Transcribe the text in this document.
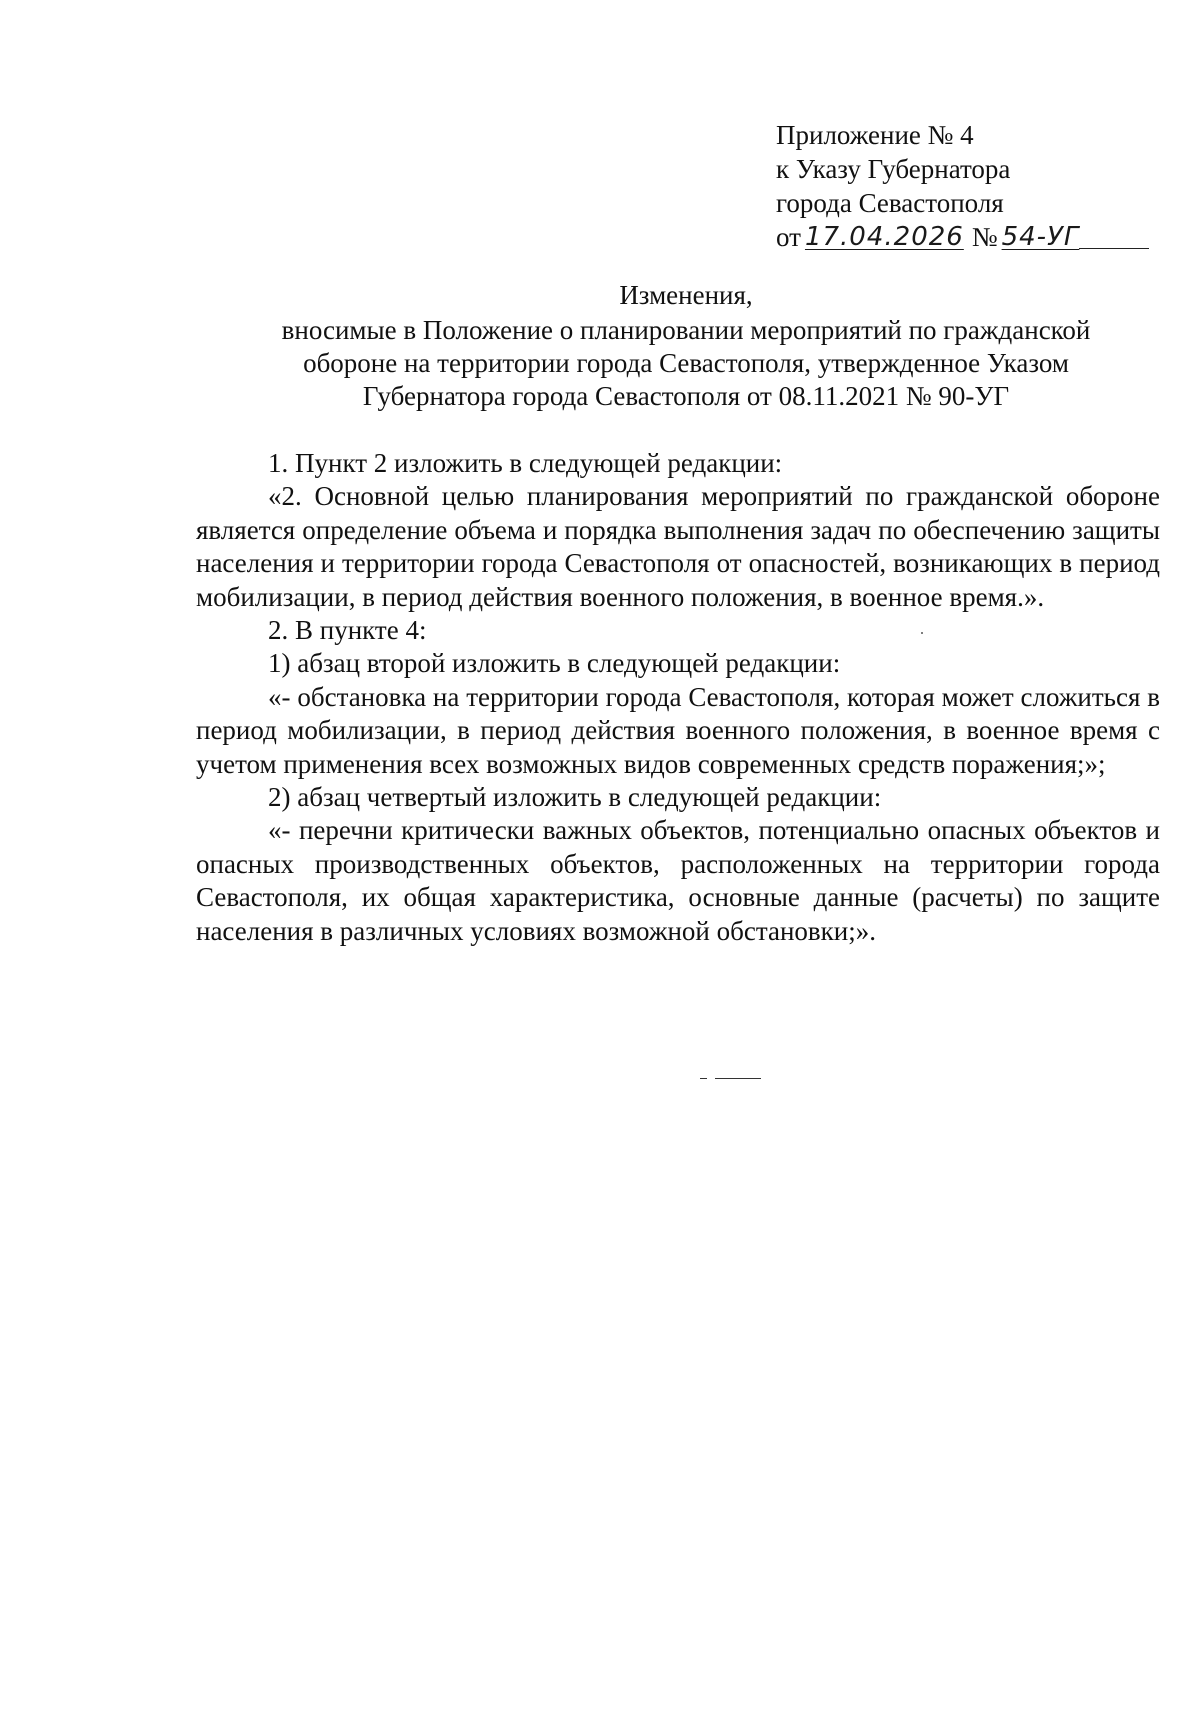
Приложение № 4
к Указу Губернатора
города Севастополя
от 17.04.2026 № 54-УГ
Изменения,
вносимые в Положение о планировании мероприятий по гражданской
обороне на территории города Севастополя, утвержденное Указом
Губернатора города Севастополя от 08.11.2021 № 90-УГ

1. Пункт 2 изложить в следующей редакции:

«2. Основной целью планирования мероприятий по гражданской обороне является определение объема и порядка выполнения задач по обеспечению защиты населения и территории города Севастополя от опасностей, возникающих в период мобилизации, в период действия военного положения, в военное время.».

2. В пункте 4:

1) абзац второй изложить в следующей редакции:

«- обстановка на территории города Севастополя, которая может сложиться в период мобилизации, в период действия военного положения, в военное время с учетом применения всех возможных видов современных средств поражения;»;

2) абзац четвертый изложить в следующей редакции:

«- перечни критически важных объектов, потенциально опасных объектов и опасных производственных объектов, расположенных на территории города Севастополя, их общая характеристика, основные данные (расчеты) по защите населения в различных условиях возможной обстановки;».
